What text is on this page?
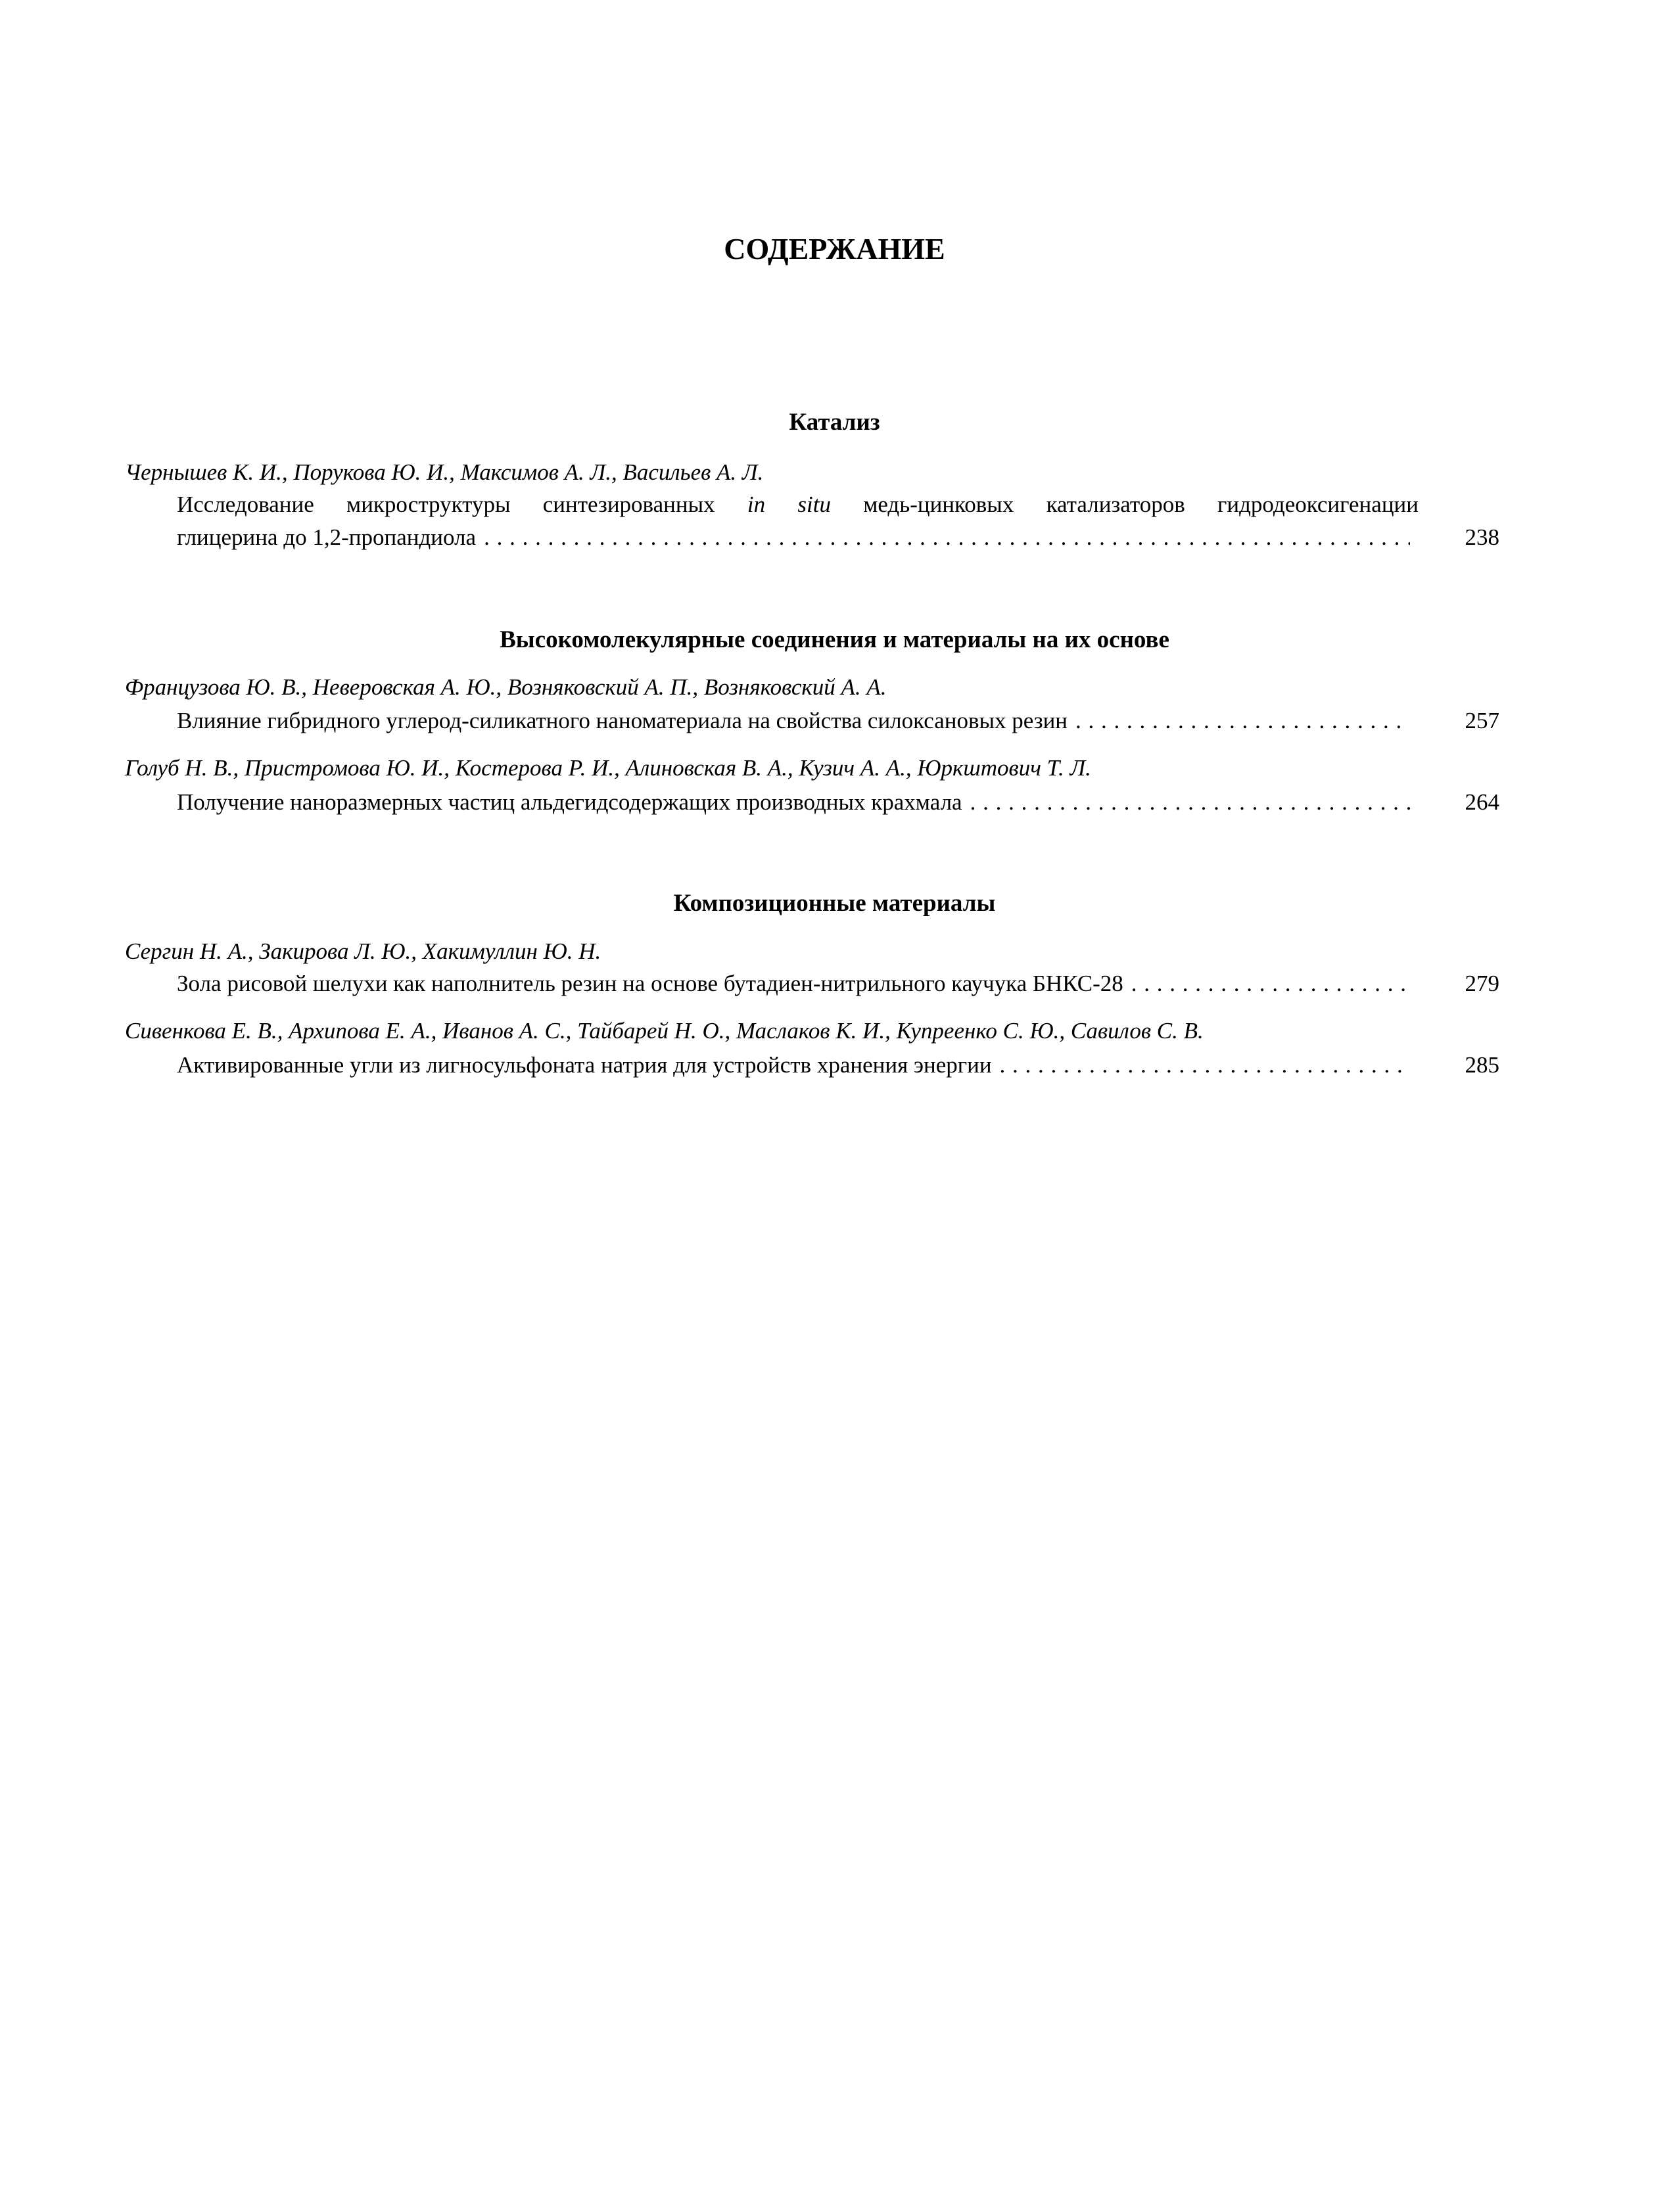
СОДЕРЖАНИЕ
Катализ
Чернышев К. И., Порукова Ю. И., Максимов А. Л., Васильев А. Л.
Исследование микроструктуры синтезированных in situ медь-цинковых катализаторов гидродеоксигенации
глицерина до 1,2-пропандиола . . .	238
Высокомолекулярные соединения и материалы на их основе
Французова Ю. В., Неверовская А. Ю., Возняковский А. П., Возняковский А. А.
Влияние гибридного углерод-силикатного наноматериала на свойства силоксановых резин . . .	257
Голуб Н. В., Пристромова Ю. И., Костерова Р. И., Алиновская В. А., Кузич А. А., Юркштович Т. Л.
Получение наноразмерных частиц альдегидсодержащих производных крахмала . . .	264
Композиционные материалы
Сергин Н. А., Закирова Л. Ю., Хакимуллин Ю. Н.
Зола рисовой шелухи как наполнитель резин на основе бутадиен-нитрильного каучука БНКС-28 . . .	279
Сивенкова Е. В., Архипова Е. А., Иванов А. С., Тайбарей Н. О., Маслаков К. И., Купреенко С. Ю., Савилов С. В.
Активированные угли из лигносульфоната натрия для устройств хранения энергии . . .	285
